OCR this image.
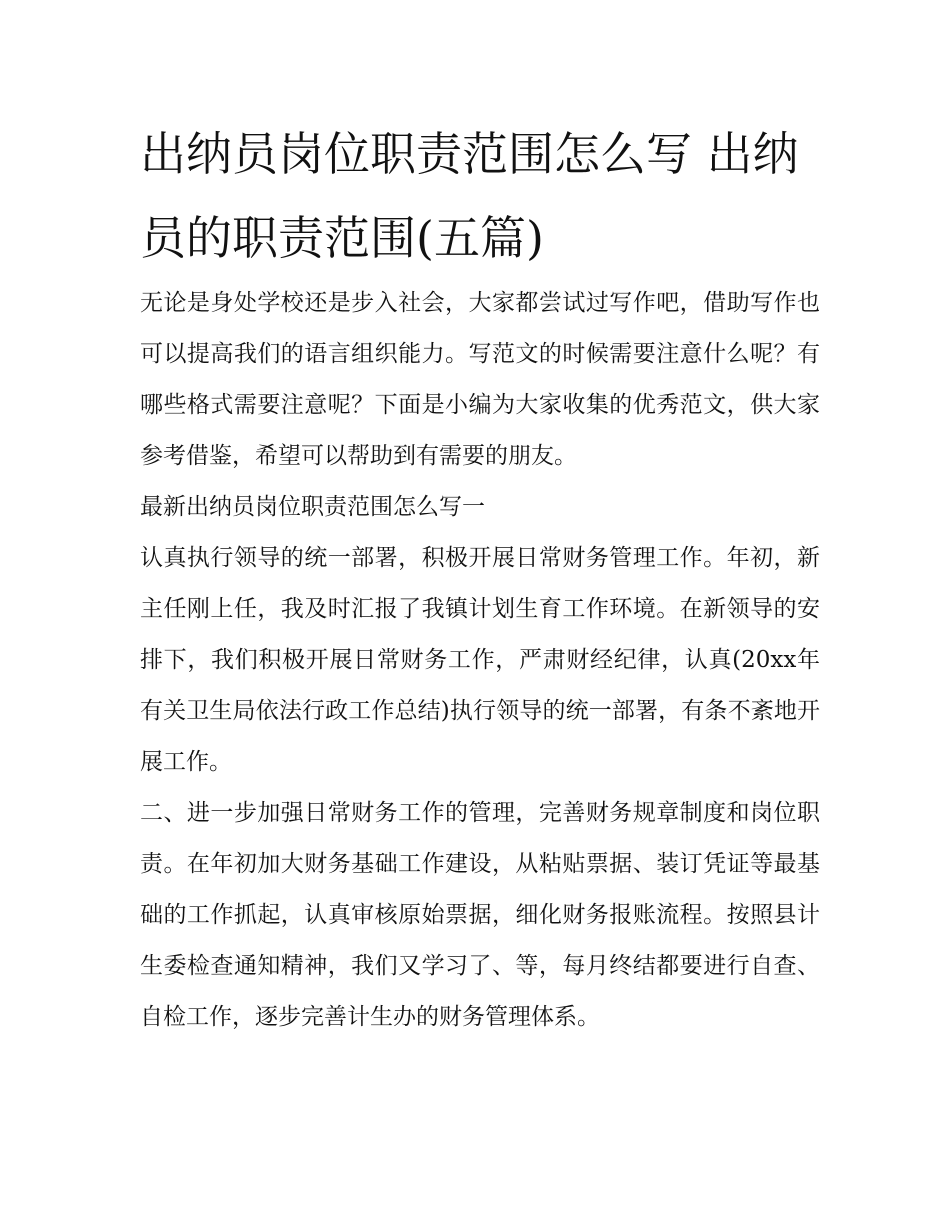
出纳员岗位职责范围怎么写 出纳员的职责范围(五篇)

无论是身处学校还是步入社会，大家都尝试过写作吧，借助写作也可以提高我们的语言组织能力。写范文的时候需要注意什么呢？有哪些格式需要注意呢？下面是小编为大家收集的优秀范文，供大家参考借鉴，希望可以帮助到有需要的朋友。

最新出纳员岗位职责范围怎么写一

认真执行领导的统一部署，积极开展日常财务管理工作。年初，新主任刚上任，我及时汇报了我镇计划生育工作环境。在新领导的安排下，我们积极开展日常财务工作，严肃财经纪律，认真(20xx年有关卫生局依法行政工作总结)执行领导的统一部署，有条不紊地开展工作。

二、进一步加强日常财务工作的管理，完善财务规章制度和岗位职责。在年初加大财务基础工作建设，从粘贴票据、装订凭证等最基础的工作抓起，认真审核原始票据，细化财务报账流程。按照县计生委检查通知精神，我们又学习了、等，每月终结都要进行自查、自检工作，逐步完善计生办的财务管理体系。
